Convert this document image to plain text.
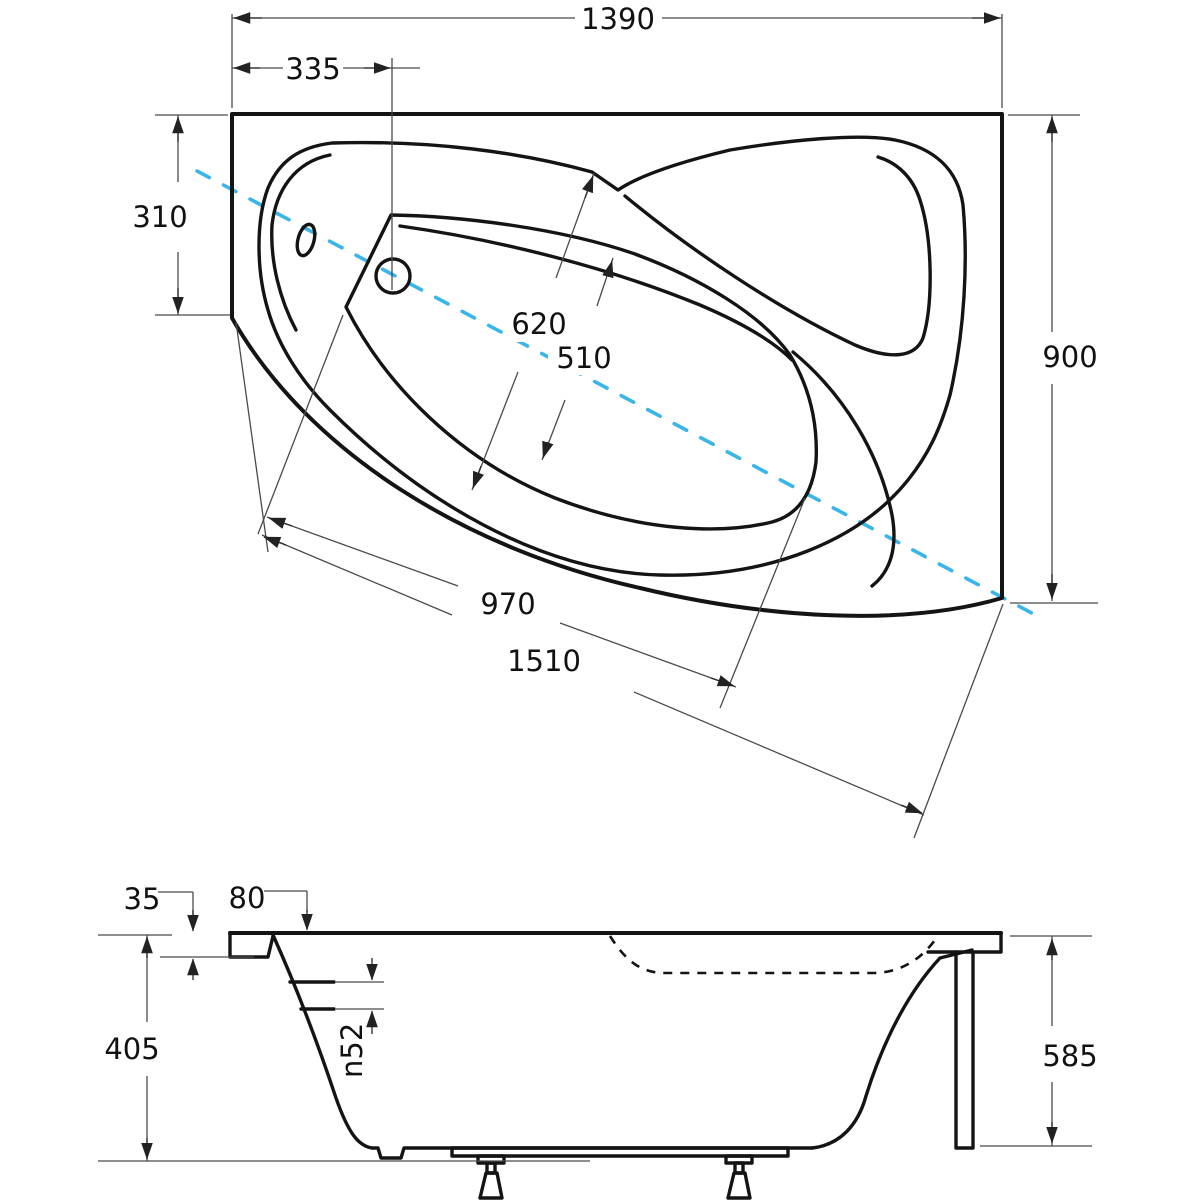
1390
335
310
900
620
510
970
1510
35 80
405	n52	585
